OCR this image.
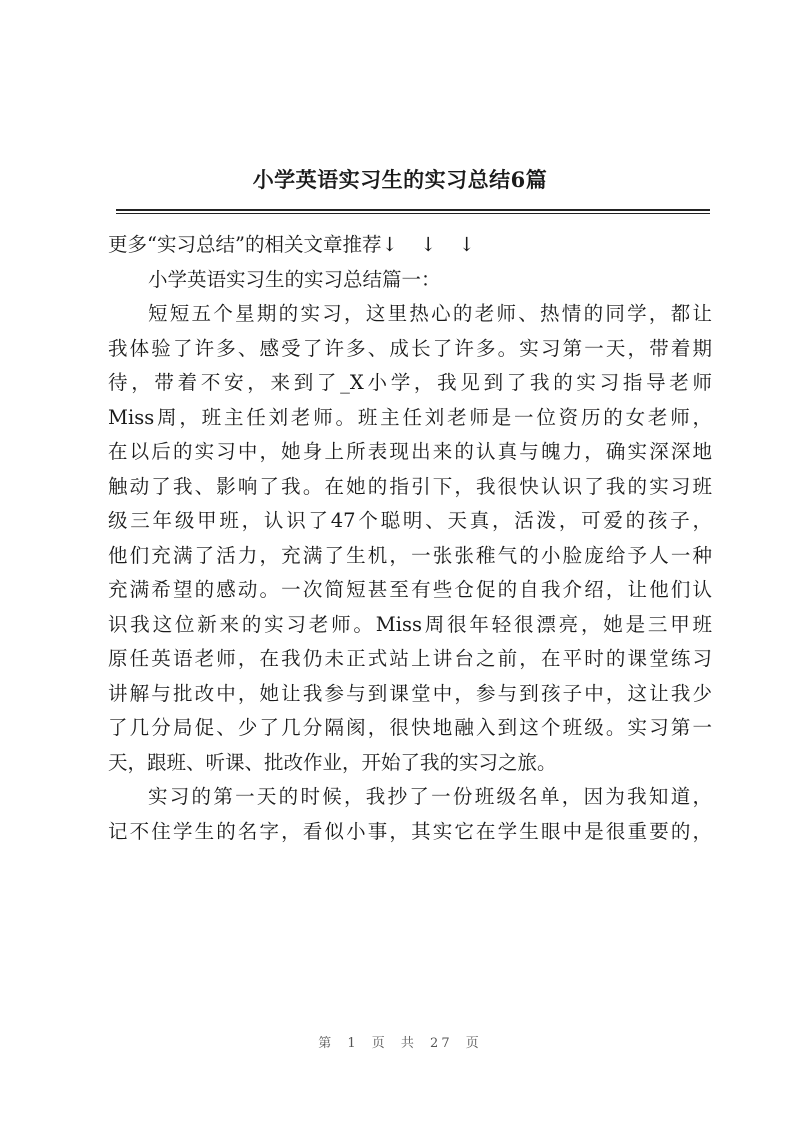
小学英语实习生的实习总结6篇
更多“实习总结”的相关文章推荐↓ ↓ ↓
小学英语实习生的实习总结篇一：

短短五个星期的实习，这里热心的老师、热情的同学，都让
我体验了许多、感受了许多、成长了许多。实习第一天，带着期
待，带着不安，来到了_X小学，我见到了我的实习指导老师
Miss周，班主任刘老师。班主任刘老师是一位资历的女老师，
在以后的实习中，她身上所表现出来的认真与魄力，确实深深地
触动了我、影响了我。在她的指引下，我很快认识了我的实习班
级三年级甲班，认识了47个聪明、天真，活泼，可爱的孩子，
他们充满了活力，充满了生机，一张张稚气的小脸庞给予人一种
充满希望的感动。一次简短甚至有些仓促的自我介绍，让他们认
识我这位新来的实习老师。Miss周很年轻很漂亮，她是三甲班
原任英语老师，在我仍未正式站上讲台之前，在平时的课堂练习
讲解与批改中，她让我参与到课堂中，参与到孩子中，这让我少
了几分局促、少了几分隔阂，很快地融入到这个班级。实习第一
天，跟班、听课、批改作业，开始了我的实习之旅。

实习的第一天的时候，我抄了一份班级名单，因为我知道，
记不住学生的名字，看似小事，其实它在学生眼中是很重要的，

第 1 页 共 27 页
